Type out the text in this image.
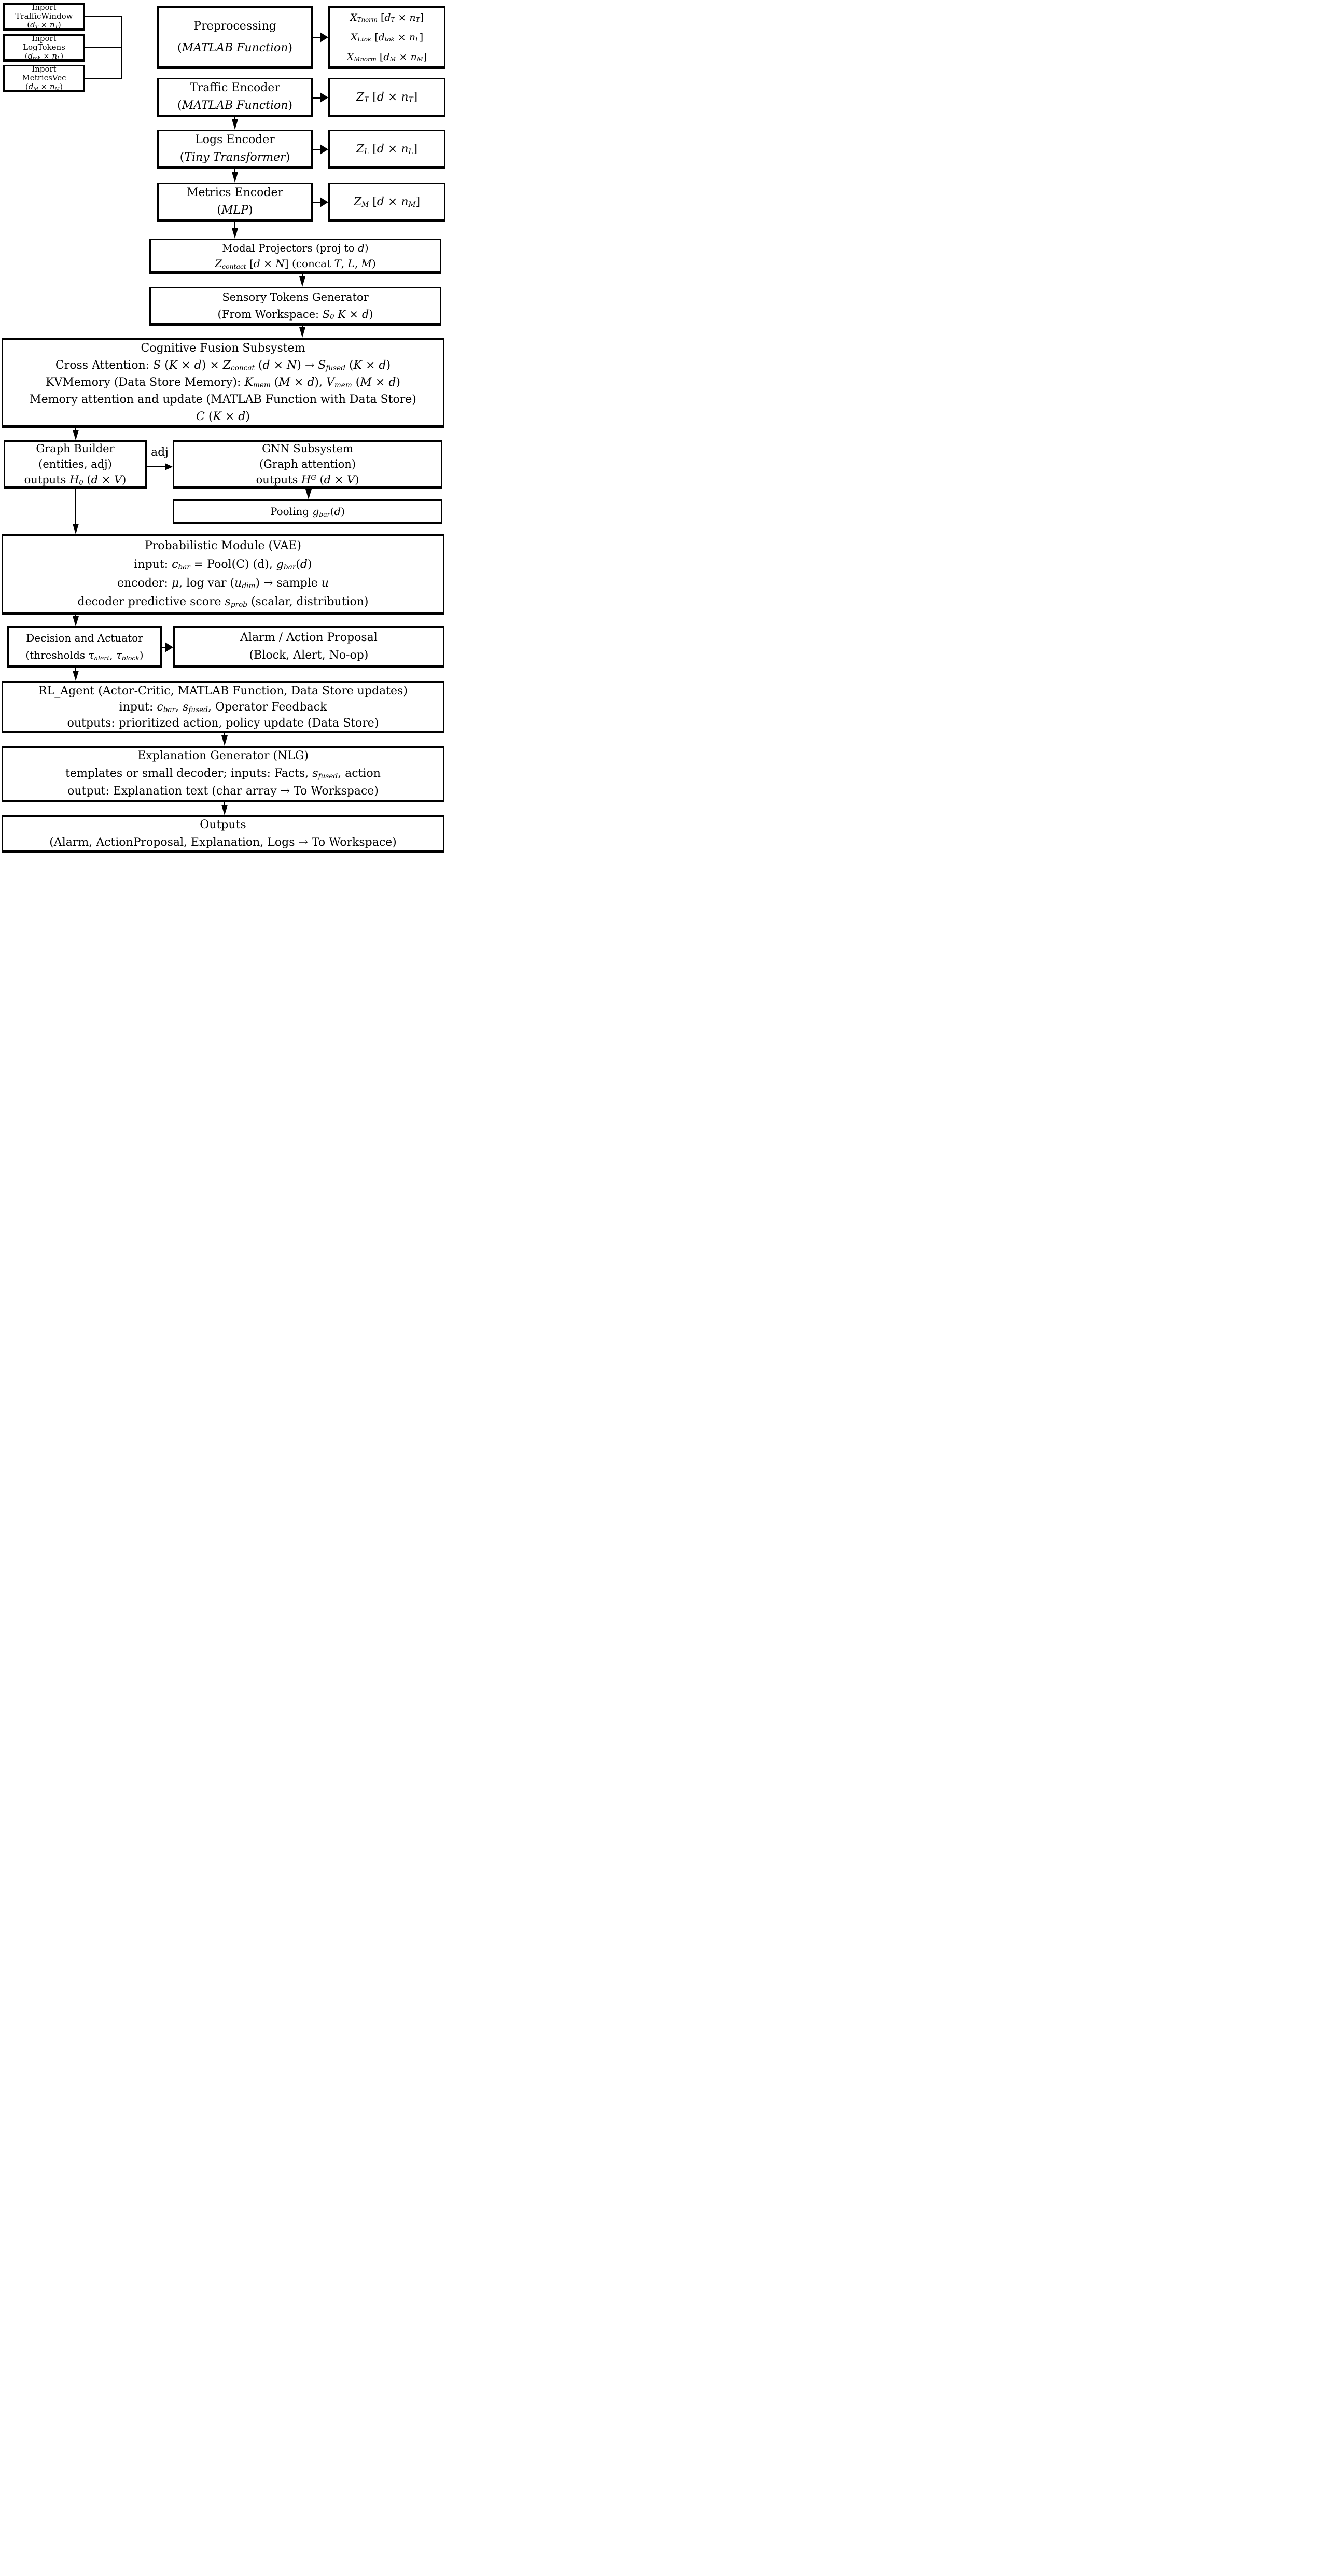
Inport
TrafficWindow
$(d_T \times n_T)$
Inport
LogTokens
$(d_{tok} \times n_L)$
Inport
MetricsVec
$(d_M \times n_M)$
Preprocessing
(MATLAB Function)
$X_{Tnorm}$ $[d_T \times n_T]$
$X_{Ltok}$ $[d_{tok} \times n_L]$
$X_{Mnorm}$ $[d_M \times n_M]$
Traffic Encoder
(MATLAB Function)
$Z_T$ $[d \times n_T]$
Logs Encoder
(Tiny Transformer)
$Z_L$ $[d \times n_L]$
Metrics Encoder
(MLP)
$Z_M$ $[d \times n_M]$
Modal Projectors (proj to d)
$Z_{contact}$ [d × N] (concat T, L, M)
Sensory Tokens Generator
(From Workspace: $S_0$ K × d)
Cognitive Fusion Subsystem
Cross Attention: S $(K \times d) \times Z_{concat}$ $(d \times N) \to S_{fused}$ (K × d)
KVMemory (Data Store Memory): $K_{mem}$ (M × d), $V_{mem}$ (M × d)
Memory attention and update (MATLAB Function with Data Store)
C (K × d)
Graph Builder
(entities, adj)
outputs $H_0$ (d × V)
GNN Subsystem
(Graph attention)
outputs $H^G$ (d × V)
Pooling $g_{bar}(d)$
Probabilistic Module (VAE)
input: $c_{bar}$ = Pool(C) (d), $g_{bar}(d)$
encoder: μ, log var $(u_{dim})$ → sample u
decoder predictive score $s_{prob}$ (scalar, distribution)
Decision and Actuator
(thresholds $\tau_{alert}$, $\tau_{block}$)
Alarm / Action Proposal
(Block, Alert, No-op)
RL_Agent (Actor-Critic, MATLAB Function, Data Store updates)
input: $c_{bar}$, $s_{fused}$, Operator Feedback
outputs: prioritized action, policy update (Data Store)
Explanation Generator (NLG)
templates or small decoder; inputs: Facts, $s_{fused}$, action
output: Explanation text (char array → To Workspace)
Outputs
(Alarm, ActionProposal, Explanation, Logs → To Workspace)
adj
